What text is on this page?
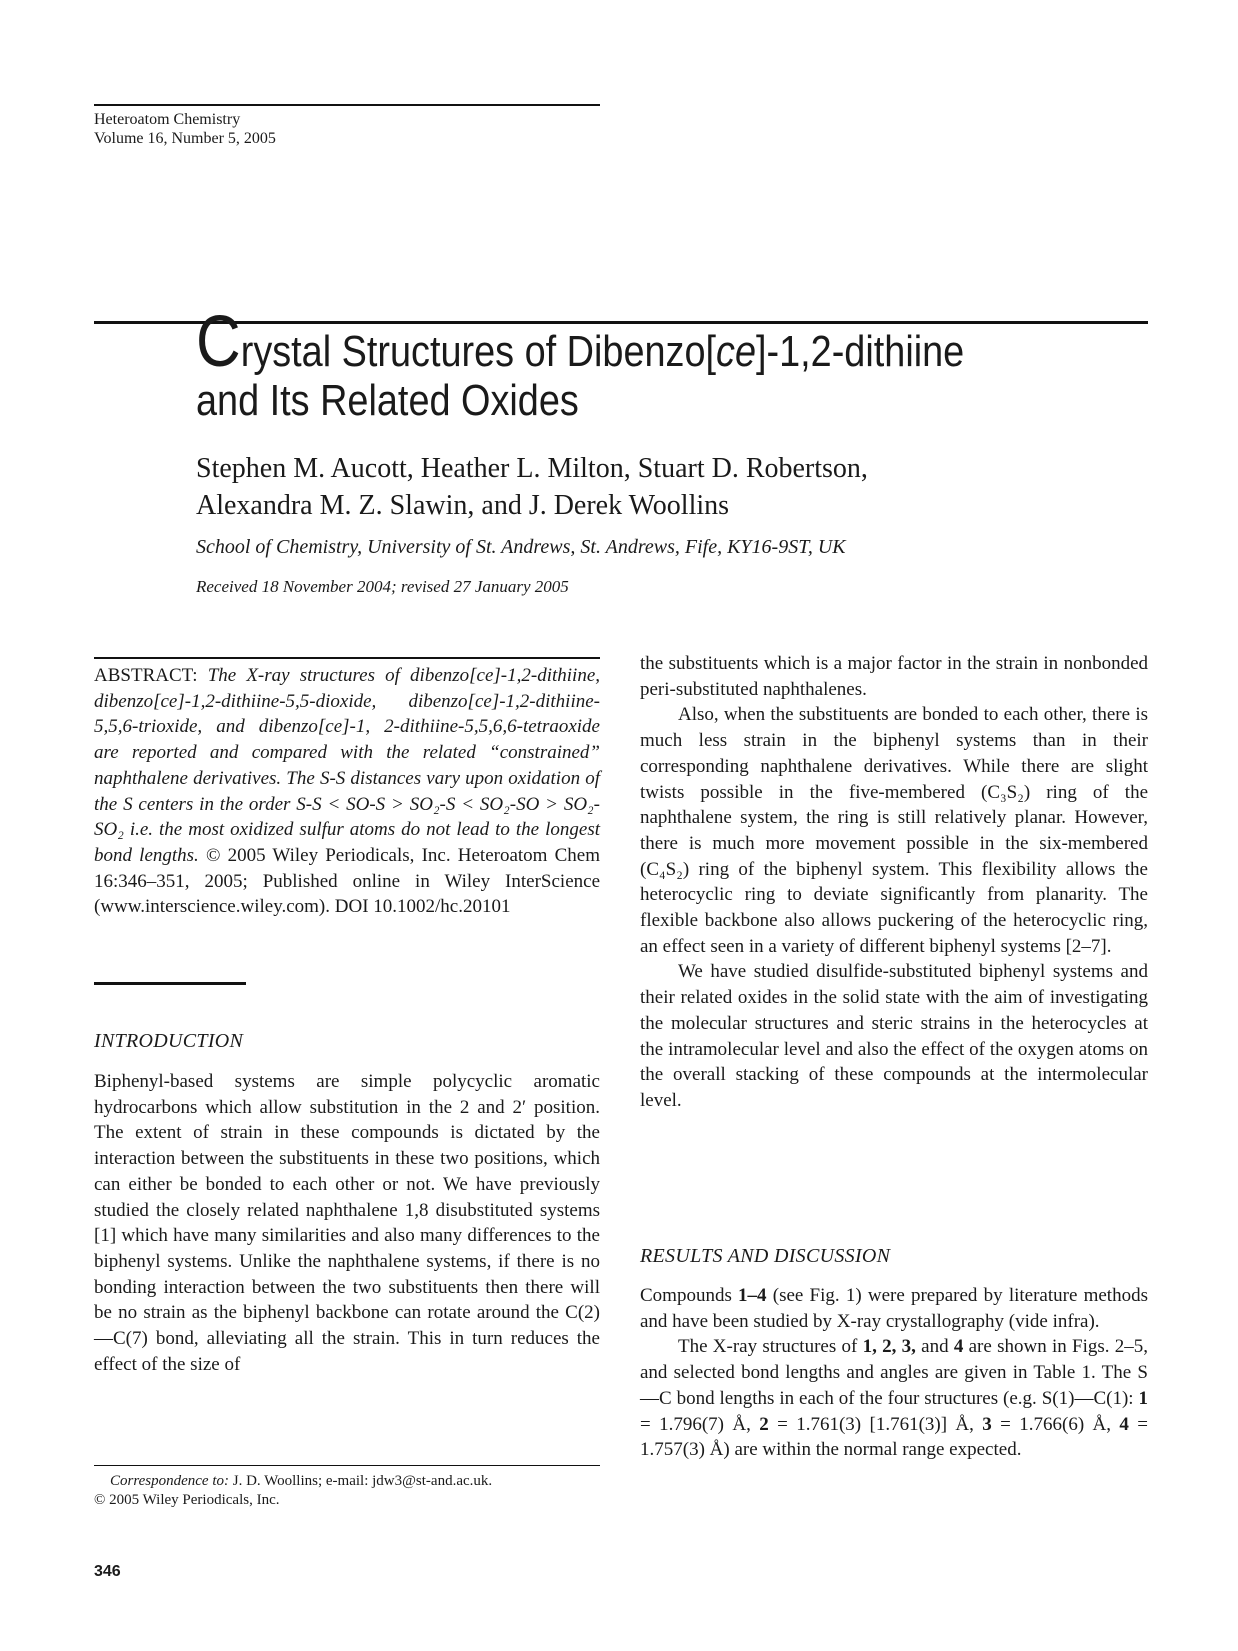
Heteroatom Chemistry
Volume 16, Number 5, 2005
Crystal Structures of Dibenzo[ce]-1,2-dithiine
and Its Related Oxides
Stephen M. Aucott, Heather L. Milton, Stuart D. Robertson,
Alexandra M. Z. Slawin, and J. Derek Woollins
School of Chemistry, University of St. Andrews, St. Andrews, Fife, KY16-9ST, UK
Received 18 November 2004; revised 27 January 2005
ABSTRACT: The X-ray structures of dibenzo[ce]-1,2-dithiine, dibenzo[ce]-1,2-dithiine-5,5-dioxide, dibenzo[ce]-1,2-dithiine-5,5,6-trioxide, and dibenzo[ce]-1, 2-dithiine-5,5,6,6-tetraoxide are reported and compared with the related “constrained” naphthalene derivatives. The S-S distances vary upon oxidation of the S centers in the order S-S < SO-S > SO₂-S < SO₂-SO > SO₂-SO₂ i.e. the most oxidized sulfur atoms do not lead to the longest bond lengths. © 2005 Wiley Periodicals, Inc. Heteroatom Chem 16:346–351, 2005; Published online in Wiley InterScience (www.interscience.wiley.com). DOI 10.1002/hc.20101
INTRODUCTION

Biphenyl-based systems are simple polycyclic aromatic hydrocarbons which allow substitution in the 2 and 2′ position. The extent of strain in these compounds is dictated by the interaction between the substituents in these two positions, which can either be bonded to each other or not. We have previously studied the closely related naphthalene 1,8 disubstituted systems [1] which have many similarities and also many differences to the biphenyl systems. Unlike the naphthalene systems, if there is no bonding interaction between the two substituents then there will be no strain as the biphenyl backbone can rotate around the C(2)—C(7) bond, alleviating all the strain. This in turn reduces the effect of the size of

Correspondence to: J. D. Woollins; e-mail: jdw3@st-and.ac.uk.
© 2005 Wiley Periodicals, Inc.
346

the substituents which is a major factor in the strain in nonbonded peri-substituted naphthalenes.

Also, when the substituents are bonded to each other, there is much less strain in the biphenyl systems than in their corresponding naphthalene derivatives. While there are slight twists possible in the five-membered (C₃S₂) ring of the naphthalene system, the ring is still relatively planar. However, there is much more movement possible in the six-membered (C₄S₂) ring of the biphenyl system. This flexibility allows the heterocyclic ring to deviate significantly from planarity. The flexible backbone also allows puckering of the heterocyclic ring, an effect seen in a variety of different biphenyl systems [2–7].

We have studied disulfide-substituted biphenyl systems and their related oxides in the solid state with the aim of investigating the molecular structures and steric strains in the heterocycles at the intramolecular level and also the effect of the oxygen atoms on the overall stacking of these compounds at the intermolecular level.

RESULTS AND DISCUSSION

Compounds 1–4 (see Fig. 1) were prepared by literature methods and have been studied by X-ray crystallography (vide infra).

The X-ray structures of 1, 2, 3, and 4 are shown in Figs. 2–5, and selected bond lengths and angles are given in Table 1. The S—C bond lengths in each of the four structures (e.g. S(1)—C(1): 1 = 1.796(7) Å, 2 = 1.761(3) [1.761(3)] Å, 3 = 1.766(6) Å, 4 = 1.757(3) Å) are within the normal range expected.
